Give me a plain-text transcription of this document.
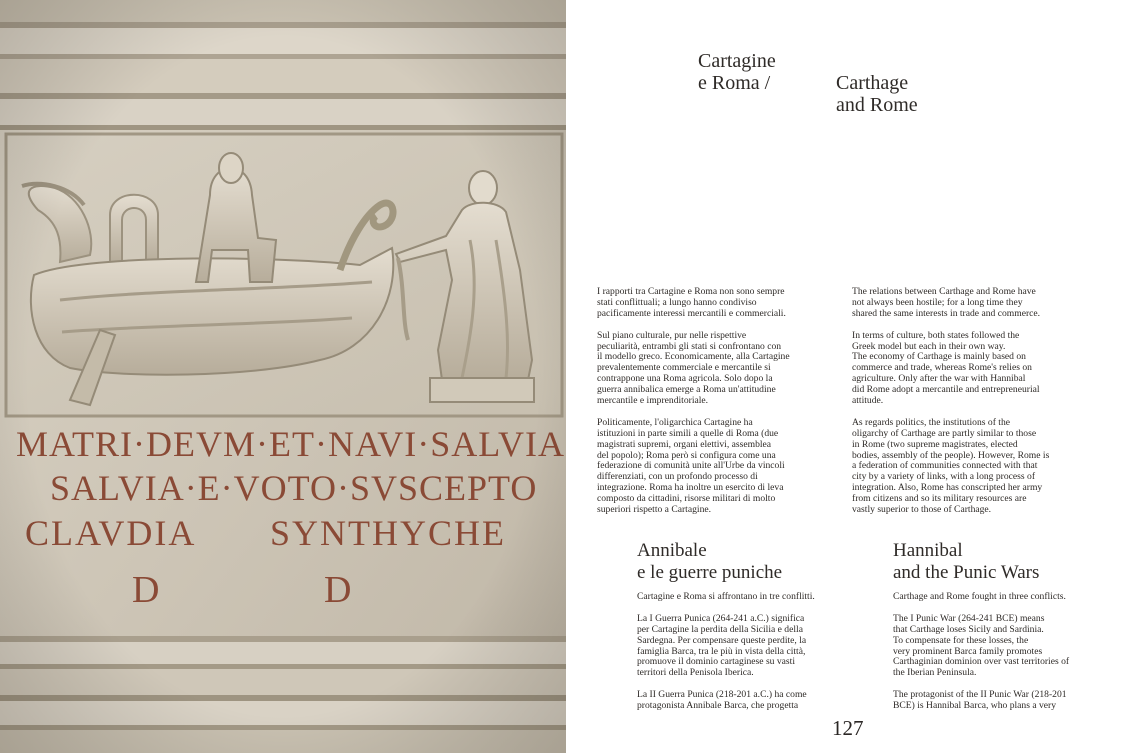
Cartagine
e Roma /	Carthage
and Rome

I rapporti tra Cartagine e Roma non sono sempre
stati conflittuali; a lungo hanno condiviso
pacificamente interessi mercantili e commerciali.

Sul piano culturale, pur nelle rispettive
peculiarità, entrambi gli stati si confrontano con
il modello greco. Economicamente, alla Cartagine
prevalentemente commerciale e mercantile si
contrappone una Roma agricola. Solo dopo la
guerra annibalica emerge a Roma un'attitudine
mercantile e imprenditoriale.

Politicamente, l'oligarchica Cartagine ha
istituzioni in parte simili a quelle di Roma (due
magistrati supremi, organi elettivi, assemblea
del popolo); Roma però si configura come una
federazione di comunità unite all'Urbe da vincoli
differenziati, con un profondo processo di
integrazione. Roma ha inoltre un esercito di leva
composto da cittadini, risorse militari di molto
superiori rispetto a Cartagine.

The relations between Carthage and Rome have
not always been hostile; for a long time they
shared the same interests in trade and commerce.

In terms of culture, both states followed the
Greek model but each in their own way.
The economy of Carthage is mainly based on
commerce and trade, whereas Rome's relies on
agriculture. Only after the war with Hannibal
did Rome adopt a mercantile and entrepreneurial
attitude.

As regards politics, the institutions of the
oligarchy of Carthage are partly similar to those
in Rome (two supreme magistrates, elected
bodies, assembly of the people). However, Rome is
a federation of communities connected with that
city by a variety of links, with a long process of
integration. Also, Rome has conscripted her army
from citizens and so its military resources are
vastly superior to those of Carthage.

Annibale
e le guerre puniche
Hannibal
and the Punic Wars

Cartagine e Roma si affrontano in tre conflitti.

La I Guerra Punica (264-241 a.C.) significa
per Cartagine la perdita della Sicilia e della
Sardegna. Per compensare queste perdite, la
famiglia Barca, tra le più in vista della città,
promuove il dominio cartaginese su vasti
territori della Penisola Iberica.

La II Guerra Punica (218-201 a.C.) ha come
protagonista Annibale Barca, che progetta

Carthage and Rome fought in three conflicts.

The I Punic War (264-241 BCE) means
that Carthage loses Sicily and Sardinia.
To compensate for these losses, the
very prominent Barca family promotes
Carthaginian dominion over vast territories of
the Iberian Peninsula.

The protagonist of the II Punic War (218-201
BCE) is Hannibal Barca, who plans a very

127
